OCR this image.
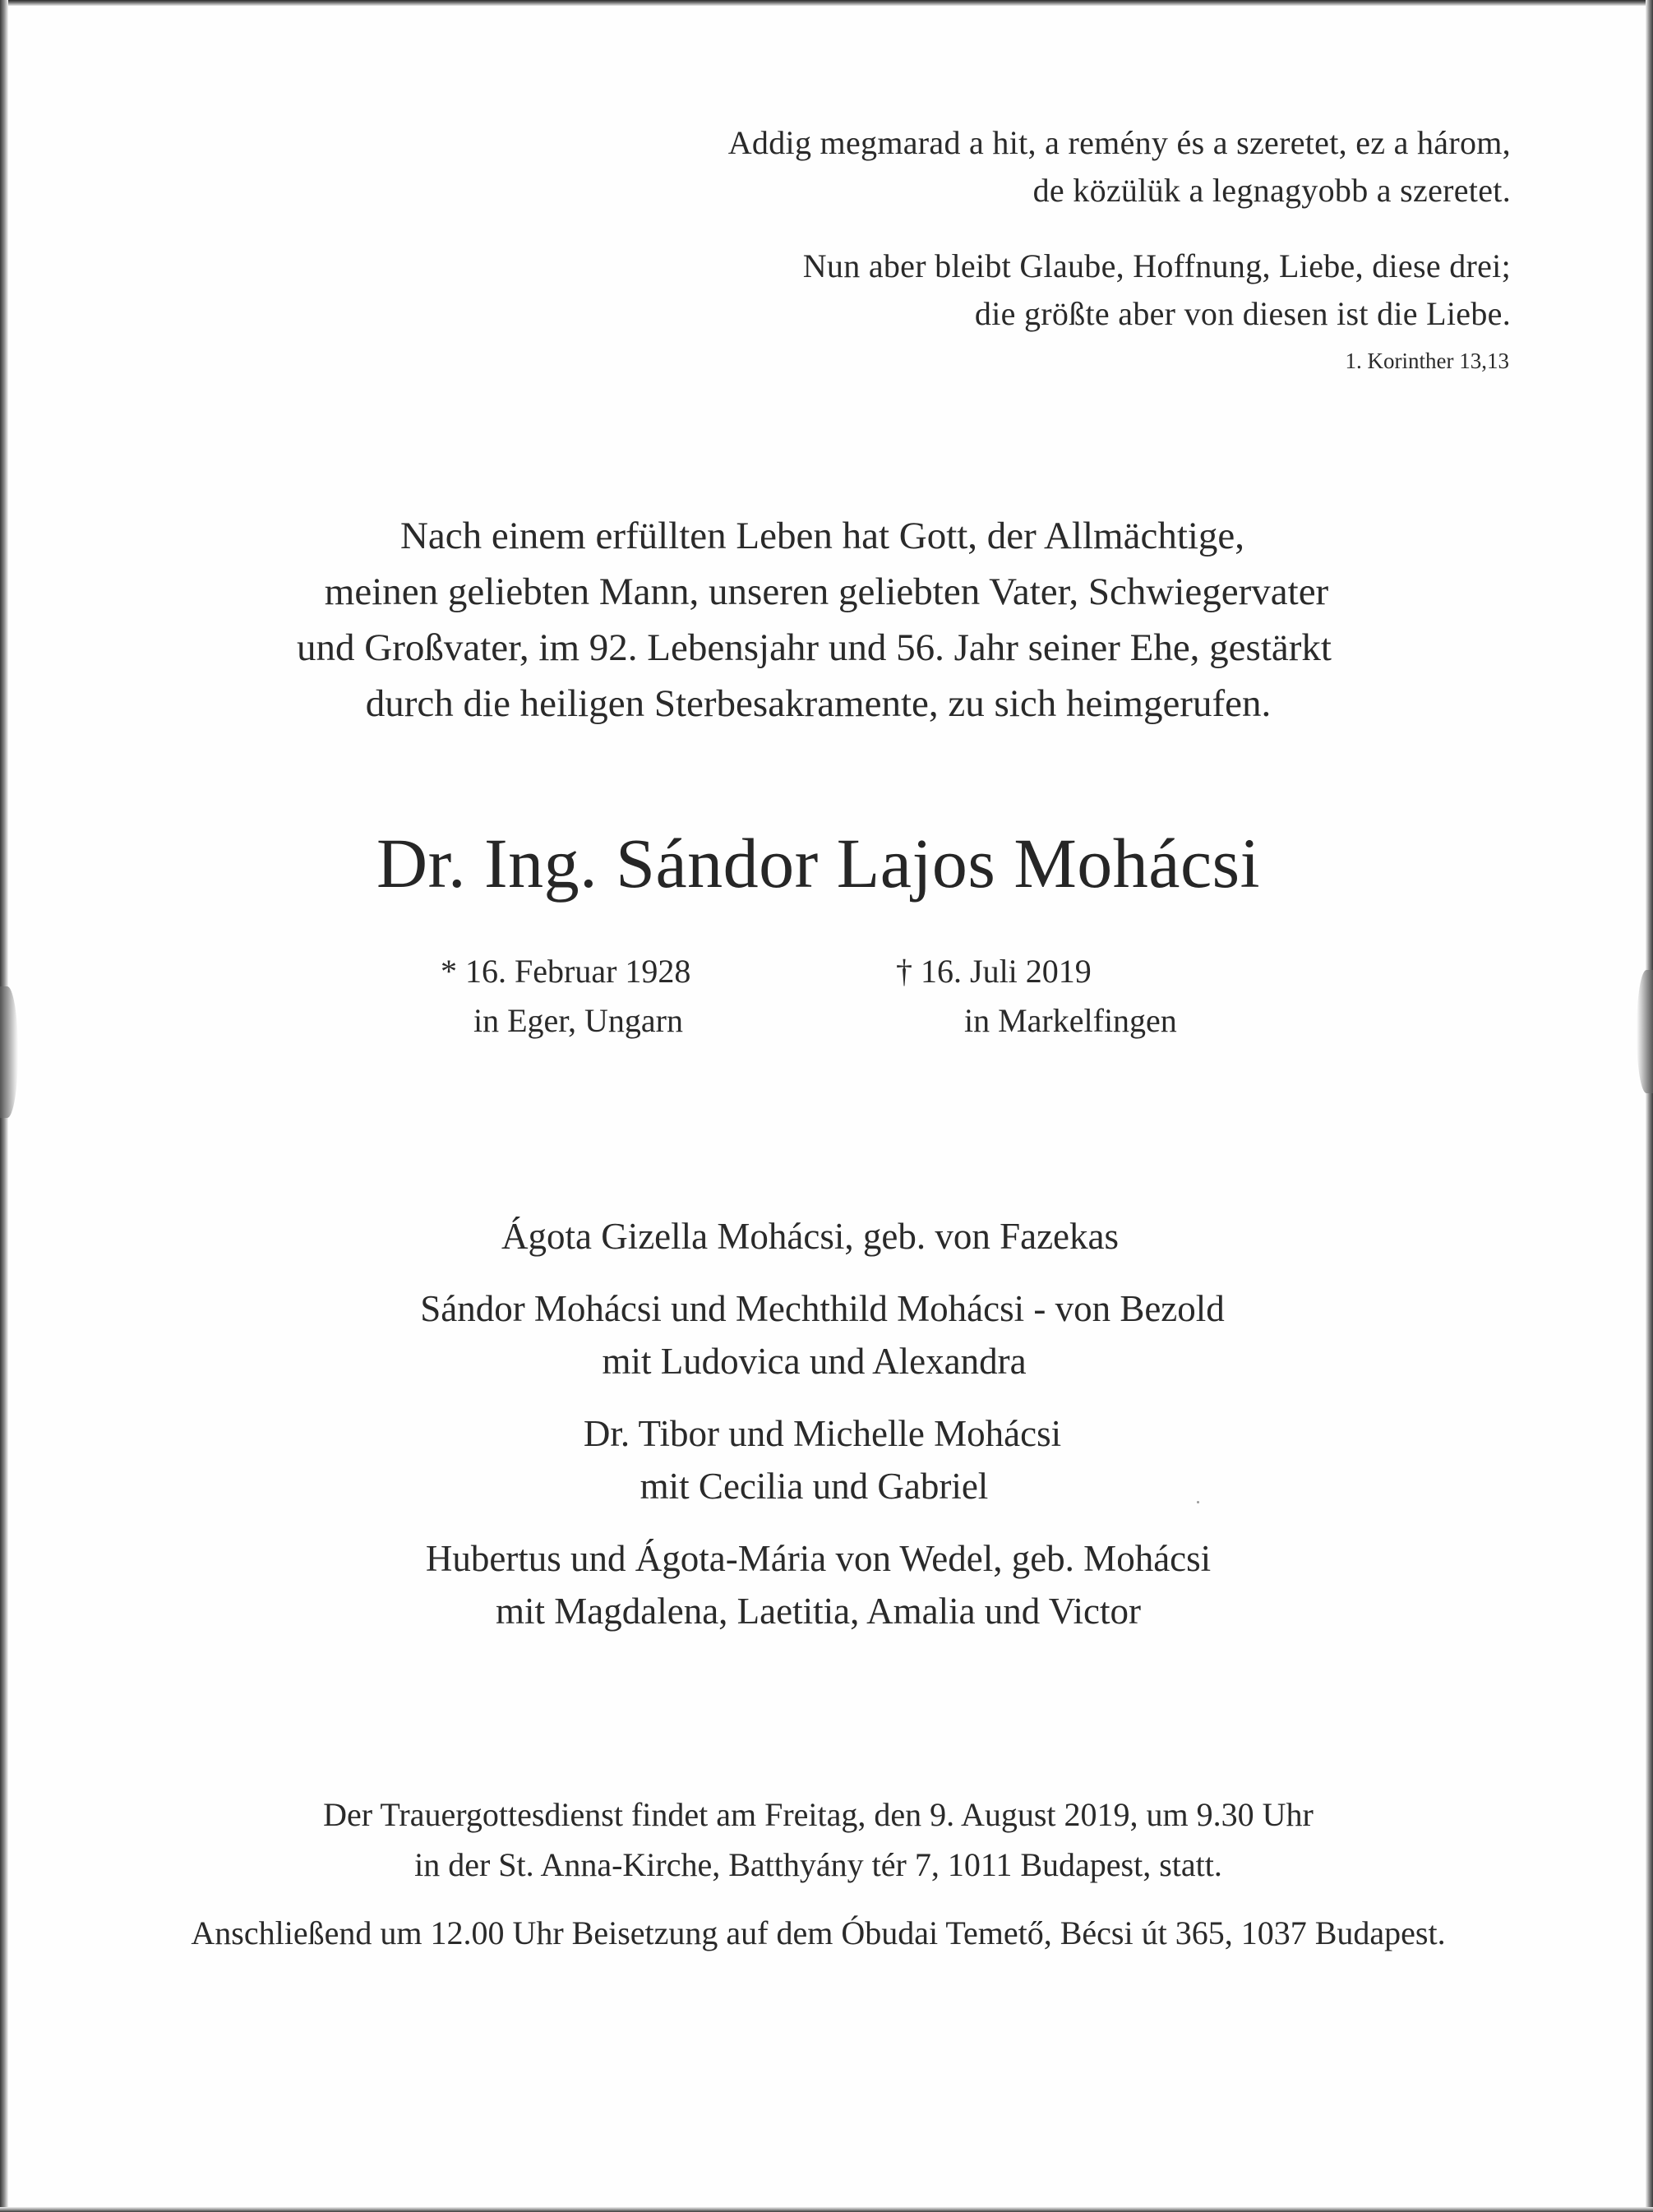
Addig megmarad a hit, a remény és a szeretet, ez a három,
de közülük a legnagyobb a szeretet.
Nun aber bleibt Glaube, Hoffnung, Liebe, diese drei;
die größte aber von diesen ist die Liebe.
1. Korinther 13,13
Nach einem erfüllten Leben hat Gott, der Allmächtige,
meinen geliebten Mann, unseren geliebten Vater, Schwiegervater
und Großvater, im 92. Lebensjahr und 56. Jahr seiner Ehe, gestärkt
durch die heiligen Sterbesakramente, zu sich heimgerufen.
Dr. Ing. Sándor Lajos Mohácsi
* 16. Februar 1928
in Eger, Ungarn
† 16. Juli 2019
in Markelfingen
Ágota Gizella Mohácsi, geb. von Fazekas
Sándor Mohácsi und Mechthild Mohácsi - von Bezold
mit Ludovica und Alexandra
Dr. Tibor und Michelle Mohácsi
mit Cecilia und Gabriel
Hubertus und Ágota-Mária von Wedel, geb. Mohácsi
mit Magdalena, Laetitia, Amalia und Victor
Der Trauergottesdienst findet am Freitag, den 9. August 2019, um 9.30 Uhr
in der St. Anna-Kirche, Batthyány tér 7, 1011 Budapest, statt.
Anschließend um 12.00 Uhr Beisetzung auf dem Óbudai Temető, Bécsi út 365, 1037 Budapest.
